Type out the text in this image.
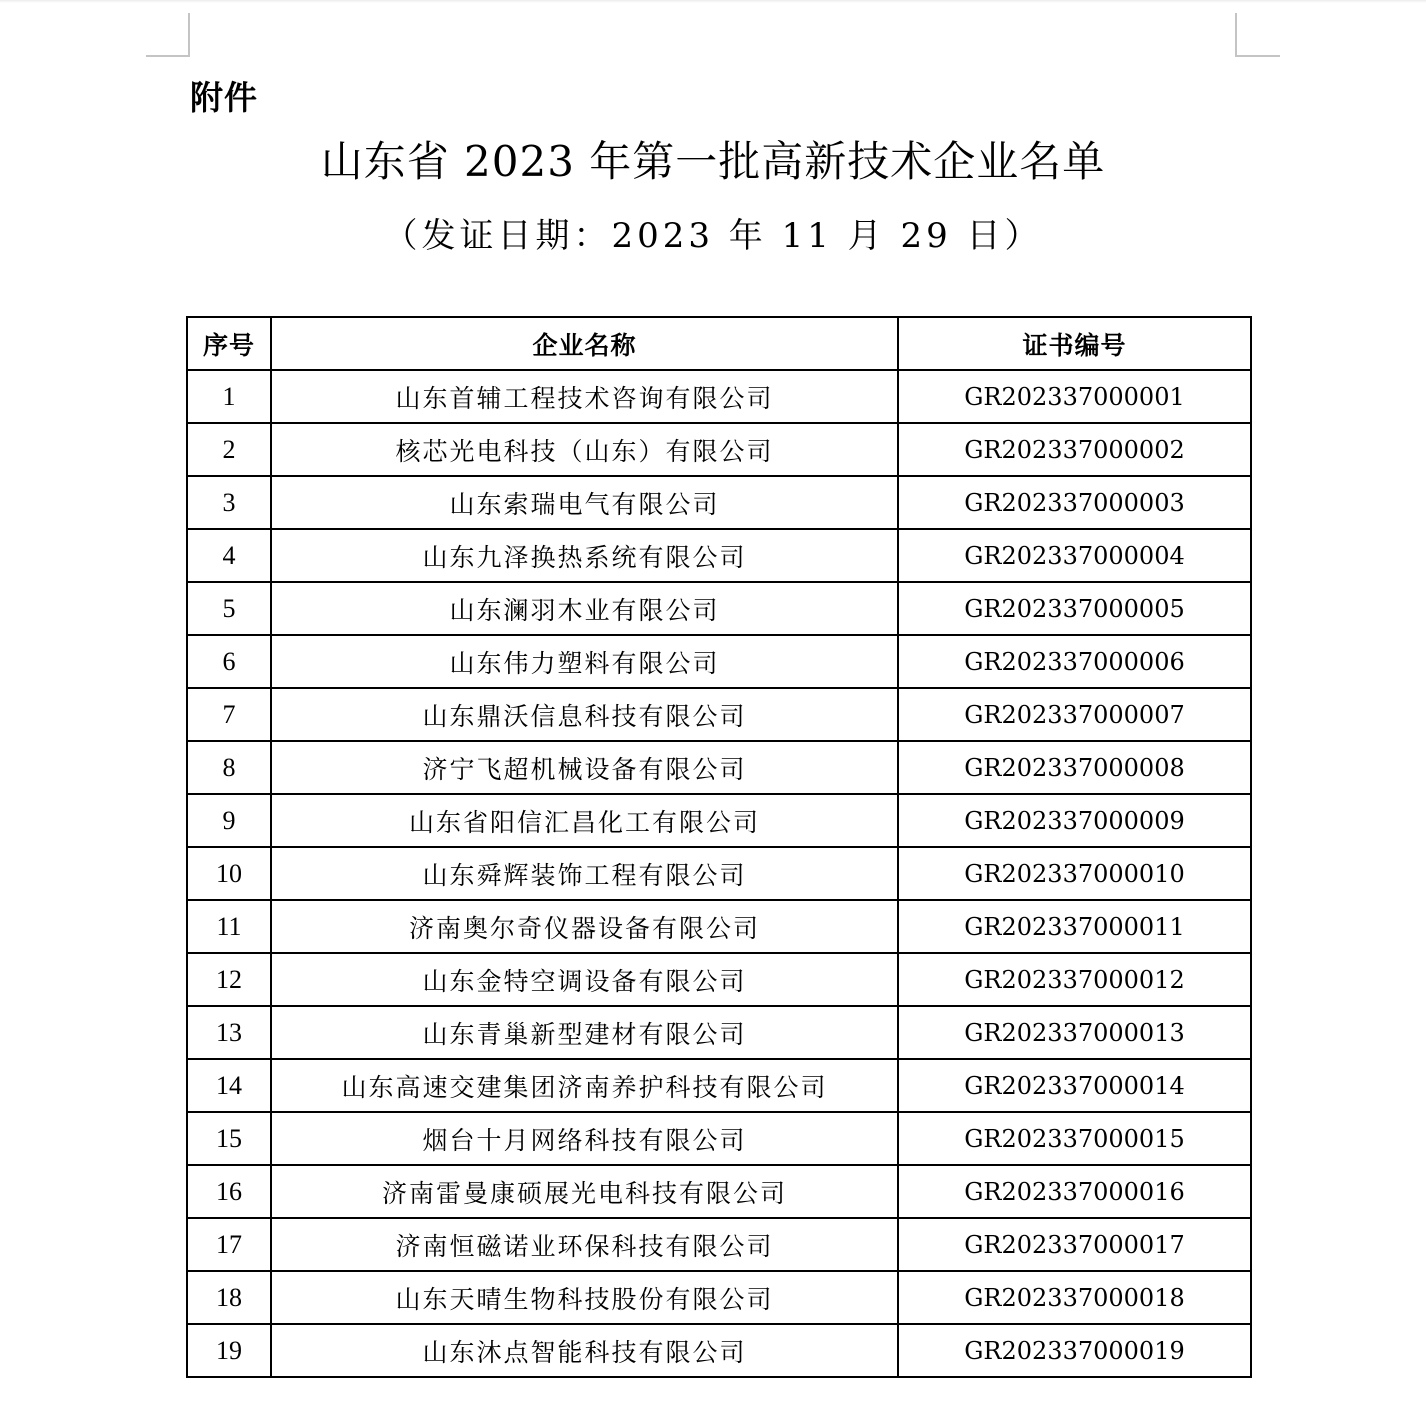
附件
山东省 2023 年第一批高新技术企业名单
（发证日期：2023 年 11 月 29 日）
序号	企业名称	证书编号
1	山东首辅工程技术咨询有限公司	GR202337000001
2	核芯光电科技（山东）有限公司	GR202337000002
3	山东索瑞电气有限公司	GR202337000003
4	山东九泽换热系统有限公司	GR202337000004
5	山东澜羽木业有限公司	GR202337000005
6	山东伟力塑料有限公司	GR202337000006
7	山东鼎沃信息科技有限公司	GR202337000007
8	济宁飞超机械设备有限公司	GR202337000008
9	山东省阳信汇昌化工有限公司	GR202337000009
10	山东舜辉装饰工程有限公司	GR202337000010
11	济南奥尔奇仪器设备有限公司	GR202337000011
12	山东金特空调设备有限公司	GR202337000012
13	山东青巢新型建材有限公司	GR202337000013
14	山东高速交建集团济南养护科技有限公司	GR202337000014
15	烟台十月网络科技有限公司	GR202337000015
16	济南雷曼康硕展光电科技有限公司	GR202337000016
17	济南恒磁诺业环保科技有限公司	GR202337000017
18	山东天晴生物科技股份有限公司	GR202337000018
19	山东沐点智能科技有限公司	GR202337000019
